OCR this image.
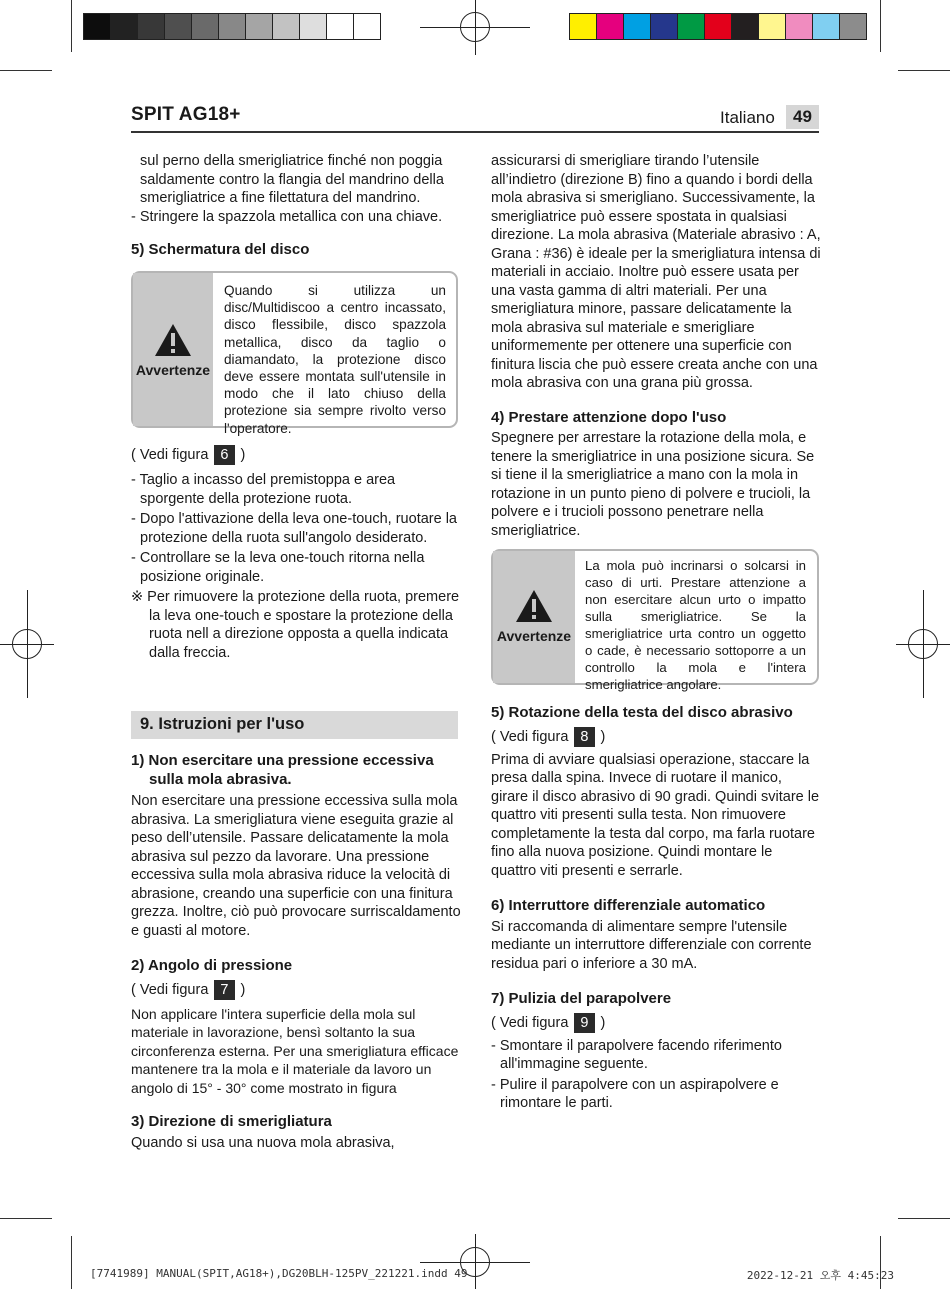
SPIT AG18+	Italiano	49

sul perno della smerigliatrice finché non poggia

saldamente contro la flangia del mandrino della

smerigliatrice a fine filettatura del mandrino.

- Stringere la spazzola metallica con una chiave.

5) Schermatura del disco

Avvertenze
Quando si utilizza un disc/Multidiscoo a centro incassato, disco flessibile, disco spazzola metallica, disco da taglio o diamandato, la protezione disco deve essere montata sull'utensile in modo che il lato chiuso della protezione sia sempre rivolto verso l'operatore.

( Vedi figura 6 )

- Taglio a incasso del premistoppa e area sporgente della protezione ruota.

- Dopo l'attivazione della leva one-touch, ruotare la protezione della ruota sull'angolo desiderato.

- Controllare se la leva one-touch ritorna nella posizione originale.

※ Per rimuovere la protezione della ruota, premere la leva one-touch e spostare la protezione della ruota nell a direzione opposta a quella indicata dalla freccia.

9. Istruzioni per l'uso

1) Non esercitare una pressione eccessiva
sulla mola abrasiva.

Non esercitare una pressione eccessiva sulla mola abrasiva. La smerigliatura viene eseguita grazie al peso dell’utensile. Passare delicatamente la mola abrasiva sul pezzo da lavorare. Una pressione eccessiva sulla mola abrasiva riduce la velocità di abrasione, creando una superficie con una finitura grezza. Inoltre, ciò può provocare surriscaldamento e guasti al motore.

2) Angolo di pressione

( Vedi figura 7 )

Non applicare l'intera superficie della mola sul materiale in lavorazione, bensì soltanto la sua circonferenza esterna. Per una smerigliatura efficace mantenere tra la mola e il materiale da lavoro un angolo di 15° - 30° come mostrato in figura

3) Direzione di smerigliatura

Quando si usa una nuova mola abrasiva,

assicurarsi di smerigliare tirando l’utensile all’indietro (direzione B) fino a quando i bordi della mola abrasiva si smerigliano. Successivamente, la smerigliatrice può essere spostata in qualsiasi direzione. La mola abrasiva (Materiale abrasivo : A, Grana : #36) è ideale per la smerigliatura intensa di materiali in acciaio. Inoltre può essere usata per una vasta gamma di altri materiali. Per una smerigliatura minore, passare delicatamente la mola abrasiva sul materiale e smerigliare uniformemente per ottenere una superficie con finitura liscia che può essere creata anche con una mola abrasiva con una grana più grossa.

4) Prestare attenzione dopo l'uso

Spegnere per arrestare la rotazione della mola, e tenere la smerigliatrice in una posizione sicura. Se si tiene il la smerigliatrice a mano con la mola in rotazione in un punto pieno di polvere e trucioli, la polvere e i trucioli possono penetrare nella smerigliatrice.

Avvertenze
La mola può incrinarsi o solcarsi in caso di urti. Prestare attenzione a non esercitare alcun urto o impatto sulla smerigliatrice. Se la smerigliatrice urta contro un oggetto o cade, è necessario sottoporre a un controllo la mola e l'intera smerigliatrice angolare.

5) Rotazione della testa del disco abrasivo

( Vedi figura 8 )

Prima di avviare qualsiasi operazione, staccare la presa dalla spina. Invece di ruotare il manico, girare il disco abrasivo di 90 gradi. Quindi svitare le quattro viti presenti sulla testa. Non rimuovere completamente la testa dal corpo, ma farla ruotare fino alla nuova posizione. Quindi montare le quattro viti presenti e serrarle.

6) Interruttore differenziale automatico

Si raccomanda di alimentare sempre l'utensile mediante un interruttore differenziale con corrente residua pari o inferiore a 30 mA.

7) Pulizia del parapolvere

( Vedi figura 9 )

- Smontare il parapolvere facendo riferimento all'immagine seguente.

- Pulire il parapolvere con un aspirapolvere e rimontare le parti.

[7741989] MANUAL(SPIT,AG18+),DG20BLH-125PV_221221.indd 49	2022-12-21 오후 4:45:23
